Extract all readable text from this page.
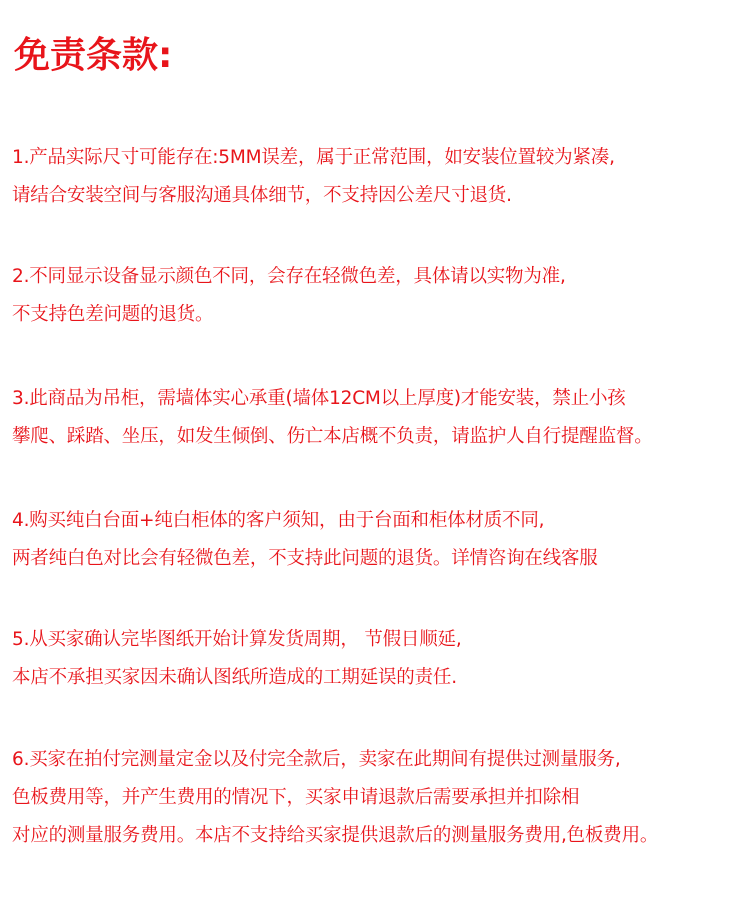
免责条款:
1.产品实际尺寸可能存在:5MM误差，属于正常范围，如安装位置较为紧凑,
请结合安装空间与客服沟通具体细节，不支持因公差尺寸退货.
2.不同显示设备显示颜色不同，会存在轻微色差，具体请以实物为准,
不支持色差问题的退货。
3.此商品为吊柜，需墙体实心承重(墙体12CM以上厚度)才能安装，禁止小孩
攀爬、踩踏、坐压，如发生倾倒、伤亡本店概不负责，请监护人自行提醒监督。
4.购买纯白台面+纯白柜体的客户须知，由于台面和柜体材质不同,
两者纯白色对比会有轻微色差，不支持此问题的退货。详情咨询在线客服
5.从买家确认完毕图纸开始计算发货周期， 节假日顺延,
本店不承担买家因未确认图纸所造成的工期延误的责任.
6.买家在拍付完测量定金以及付完全款后，卖家在此期间有提供过测量服务,
色板费用等，并产生费用的情况下，买家申请退款后需要承担并扣除相
对应的测量服务费用。本店不支持给买家提供退款后的测量服务费用,色板费用。
